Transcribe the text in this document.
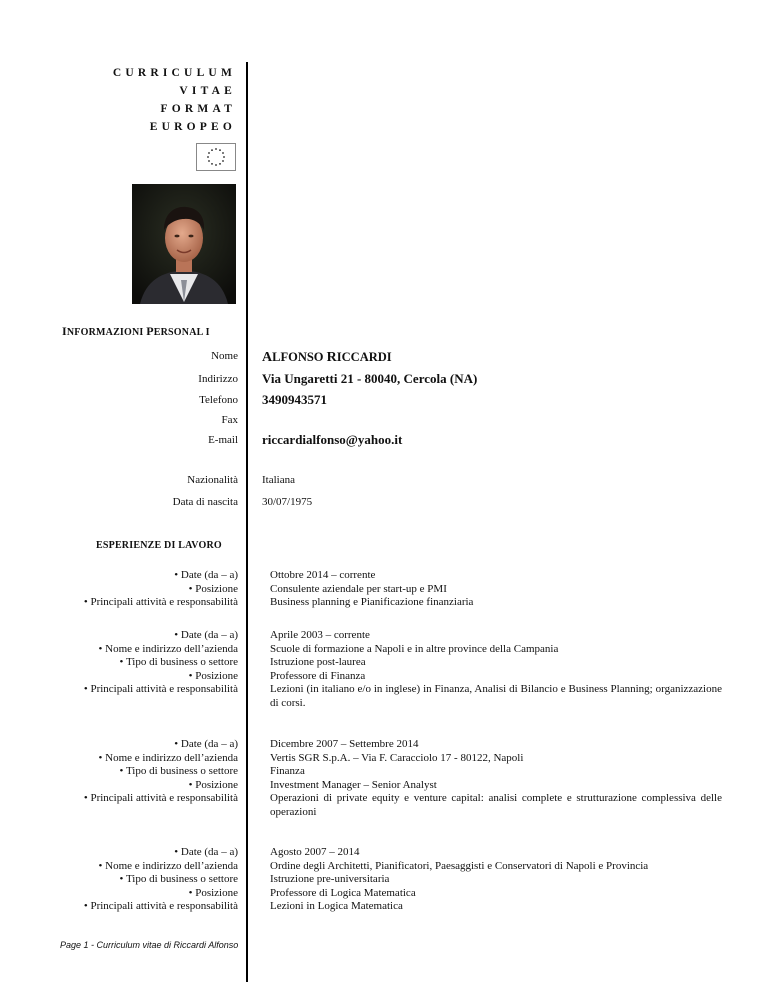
CURRICULUM
VITAE
FORMAT
EUROPEO
INFORMAZIONI PERSONAL I
Nome ALFONSO RICCARDI
Indirizzo Via Ungaretti 21 - 80040, Cercola (NA)
Telefono 3490943571
Fax
E-mail riccardialfonso@yahoo.it
Nazionalità Italiana
Data di nascita 30/07/1975
ESPERIENZE DI LAVORO
• Date (da – a)
• Posizione
• Principali attività e responsabilità
Ottobre 2014 – corrente
Consulente aziendale per start-up e PMI
Business planning e Pianificazione finanziaria
• Date (da – a)
• Nome e indirizzo dell’azienda
• Tipo di business o settore
• Posizione
• Principali attività e responsabilità
Aprile 2003 – corrente
Scuole di formazione a Napoli e in altre province della Campania
Istruzione post-laurea
Professore di Finanza
Lezioni (in italiano e/o in inglese) in Finanza, Analisi di Bilancio e Business Planning; organizzazione di corsi.
• Date (da – a)
• Nome e indirizzo dell’azienda
• Tipo di business o settore
• Posizione
• Principali attività e responsabilità
Dicembre 2007 – Settembre 2014
Vertis SGR S.p.A. – Via F. Caracciolo 17 - 80122, Napoli
Finanza
Investment Manager – Senior Analyst
Operazioni di private equity e venture capital: analisi complete e strutturazione complessiva delle operazioni
• Date (da – a)
• Nome e indirizzo dell’azienda
• Tipo di business o settore
• Posizione
• Principali attività e responsabilità
Agosto 2007 – 2014
Ordine degli Architetti, Pianificatori, Paesaggisti e Conservatori di Napoli e Provincia
Istruzione pre-universitaria
Professore di Logica Matematica
Lezioni in Logica Matematica
Page 1 - Curriculum vitae di Riccardi Alfonso
